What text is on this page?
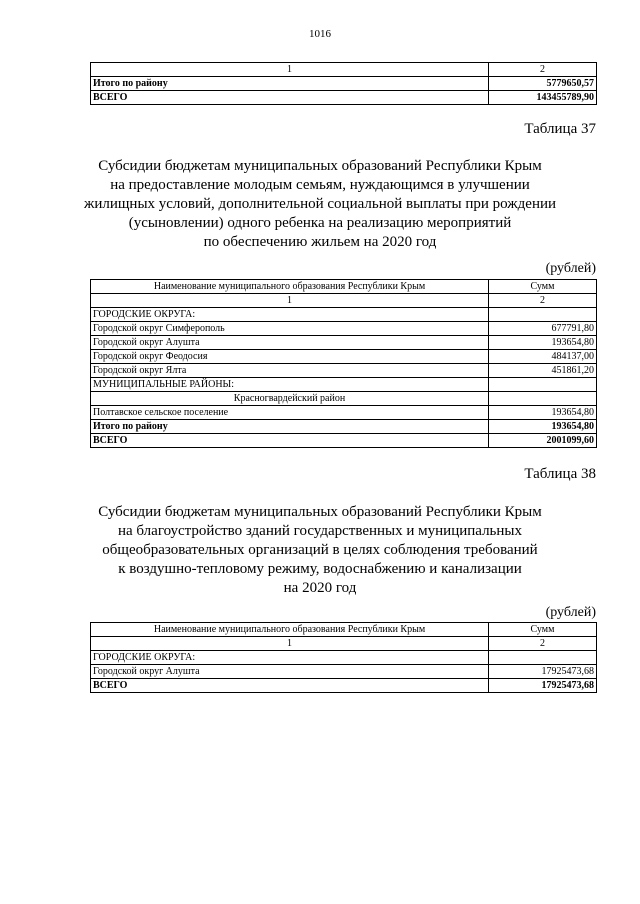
1016
1	2
Итого по району	5779650,57
ВСЕГО	143455789,90
Таблица 37
Субсидии бюджетам муниципальных образований Республики Крым
на предоставление молодым семьям, нуждающимся в улучшении
жилищных условий, дополнительной социальной выплаты при рождении
(усыновлении) одного ребенка на реализацию мероприятий
по обеспечению жильем на 2020 год
(рублей)
Наименование муниципального образования Республики Крым	Сумм
1	2
ГОРОДСКИЕ ОКРУГА:	
Городской округ Симферополь	677791,80
Городской округ Алушта	193654,80
Городской округ Феодосия	484137,00
Городской округ Ялта	451861,20
МУНИЦИПАЛЬНЫЕ РАЙОНЫ:	
Красногвардейский район	
Полтавское сельское поселение	193654,80
Итого по району	193654,80
ВСЕГО	2001099,60
Таблица 38
Субсидии бюджетам муниципальных образований Республики Крым
на благоустройство зданий государственных и муниципальных
общеобразовательных организаций в целях соблюдения требований
к воздушно-тепловому режиму, водоснабжению и канализации
на 2020 год
(рублей)
Наименование муниципального образования Республики Крым	Сумм
1	2
ГОРОДСКИЕ ОКРУГА:	
Городской округ Алушта	17925473,68
ВСЕГО	17925473,68
